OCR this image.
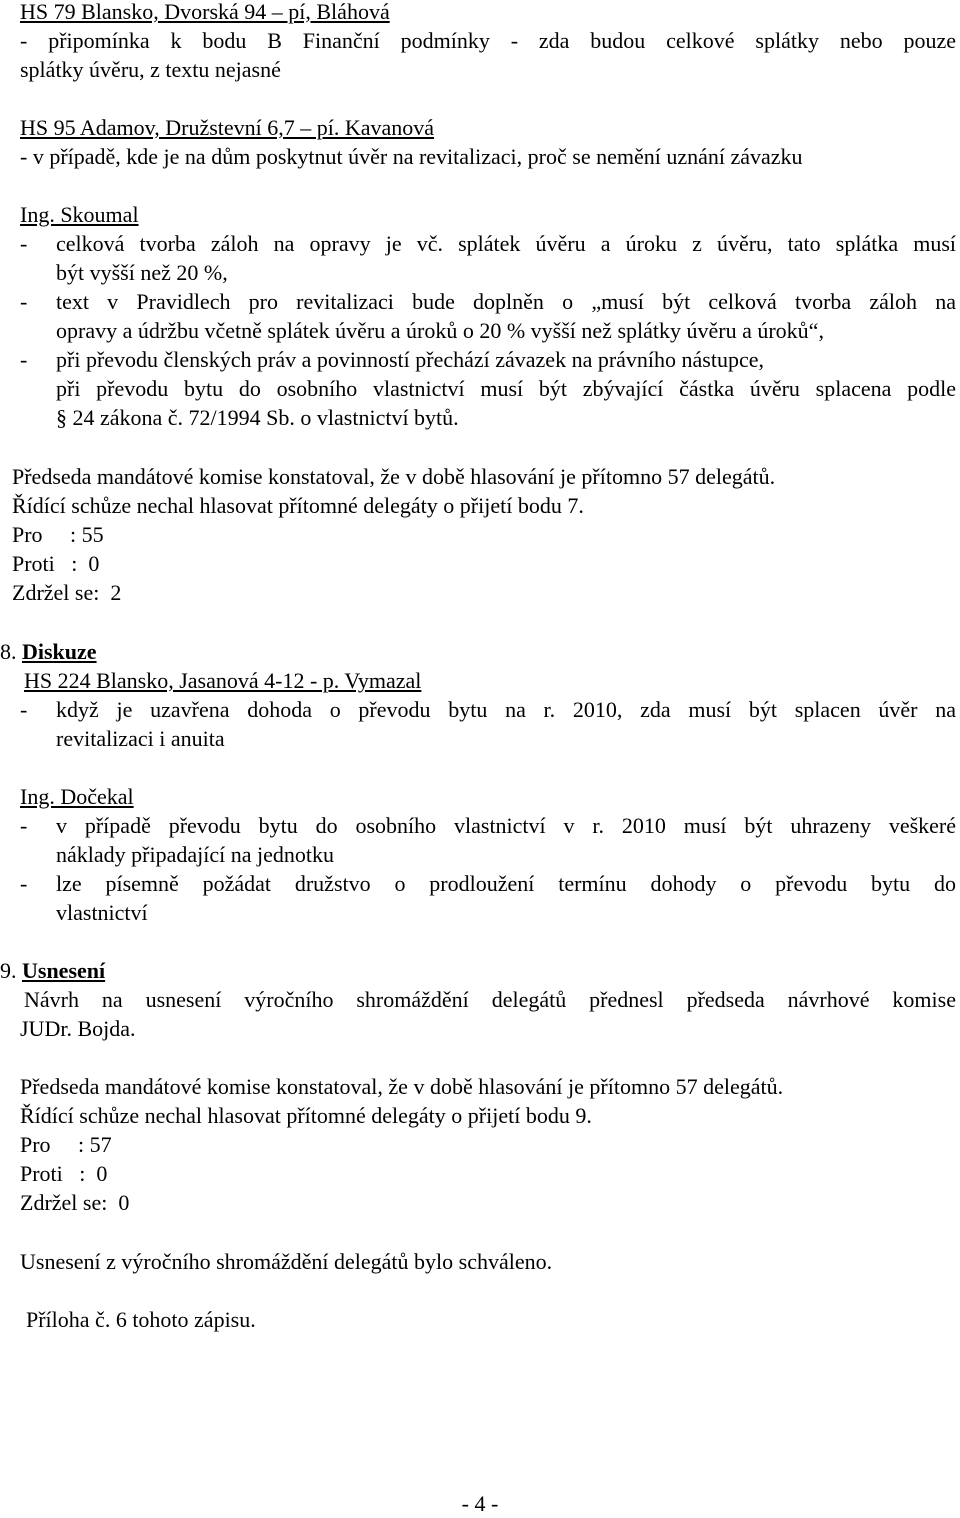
HS 79 Blansko, Dvorská 94 – pí, Bláhová
- připomínka k bodu B Finanční podmínky - zda budou celkové splátky nebo pouze
splátky úvěru, z textu nejasné
HS 95 Adamov, Družstevní 6,7 – pí. Kavanová
- v případě, kde je na dům poskytnut úvěr na revitalizaci, proč se nemění uznání závazku
Ing. Skoumal
- celková tvorba záloh na opravy je vč. splátek úvěru a úroku z úvěru, tato splátka musí
být vyšší než 20 %,
- text v Pravidlech pro revitalizaci bude doplněn o „musí být celková tvorba záloh na
opravy a údržbu včetně splátek úvěru a úroků o 20 % vyšší než splátky úvěru a úroků“,
- při převodu členských práv a povinností přechází závazek na právního nástupce,
při převodu bytu do osobního vlastnictví musí být zbývající částka úvěru splacena podle
§ 24 zákona č. 72/1994 Sb. o vlastnictví bytů.
Předseda mandátové komise konstatoval, že v době hlasování je přítomno 57 delegátů.
Řídící schůze nechal hlasovat přítomné delegáty o přijetí bodu 7.
Pro     : 55
Proti   :  0
Zdržel se:  2
8. Diskuze
HS 224 Blansko, Jasanová 4-12 - p. Vymazal
- když je uzavřena dohoda o převodu bytu na r. 2010, zda musí být splacen úvěr na
revitalizaci i anuita
Ing. Dočekal
- v případě převodu bytu do osobního vlastnictví v r. 2010 musí být uhrazeny veškeré
náklady připadající na jednotku
- lze písemně požádat družstvo o prodloužení termínu dohody o převodu bytu do
vlastnictví
9. Usnesení
Návrh na usnesení výročního shromáždění delegátů přednesl předseda návrhové komise
JUDr. Bojda.
Předseda mandátové komise konstatoval, že v době hlasování je přítomno 57 delegátů.
Řídící schůze nechal hlasovat přítomné delegáty o přijetí bodu 9.
Pro     : 57
Proti   :  0
Zdržel se:  0
Usnesení z výročního shromáždění delegátů bylo schváleno.
Příloha č. 6 tohoto zápisu.
- 4 -
